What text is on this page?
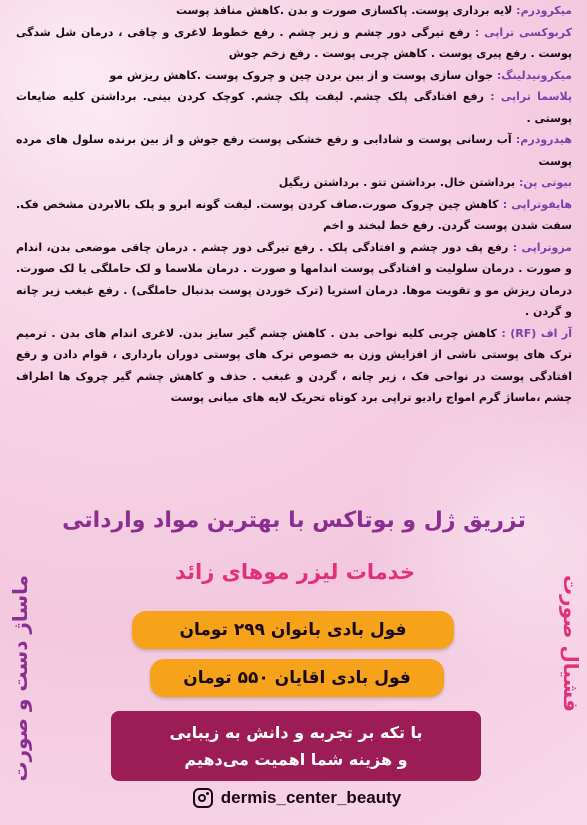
میکرودرم: لایه برداری پوست. پاکسازی صورت و بدن .کاهش منافذ پوست

کربوکسی تراپی : رفع تیرگی دور چشم و زیر چشم . رفع خطوط لاغری و چاقی ، درمان شل شدگی پوست . رفع پیری پوست . کاهش چربی پوست . رفع زخم جوش

میکرونیدلینگ: جوان سازی پوست و از بین بردن چین و چروک پوست .کاهش ریزش مو

پلاسما تراپی : رفع افتادگی پلک چشم. لیفت پلک چشم. کوچک کردن بینی. برداشتن کلیه ضایعات پوستی .

هیدرودرم: آب رسانی پوست و شادابی و رفع خشکی پوست رفع جوش و از بین برنده سلول های مرده پوست

بیوتی پن: برداشتن خال. برداشتن تتو . برداشتن زیگیل

هایفوتراپی : کاهش چین چروک صورت.صاف کردن پوست. لیفت گونه ابرو و پلک بالابردن مشخص فک. سفت شدن پوست گردن. رفع خط لبخند و اخم

مزوتراپی : رفع پف دور چشم و افتادگی پلک . رفع تیرگی دور چشم . درمان چاقی موضعی بدن، اندام و صورت . درمان سلولیت و افتادگی پوست اندامها و صورت . درمان ملاسما و لک حاملگی یا لک صورت. درمان ریزش مو و تقویت موها. درمان استریا (ترک خوردن پوست بدنبال حاملگی) . رفع غبغب زیر چانه و گردن .

آر اف (RF) : کاهش چربی کلیه نواحی بدن . کاهش چشم گیر سایز بدن. لاغری اندام های بدن . ترمیم ترک های پوستی ناشی از افزایش وزن به خصوص ترک های پوستی دوران بارداری ، قوام دادن و رفع افتادگی پوست در نواحی فک ، زیر چانه ، گردن و غبغب . حذف و کاهش چشم گیر چروک ها اطراف چشم ،ماساژ گرم امواج رادیو تراپی برد کوتاه تحریک لایه های میانی پوست

تزریق ژل و بوتاکس با بهترین مواد وارداتی
خدمات لیزر موهای زائد
فول بادی بانوان ۲۹۹ تومان
فول بادی اقایان ۵۵۰ تومان
با تکه بر تجربه و دانش به زیبایی
و هزینه شما اهمیت می‌دهیم
dermis_center_beauty
ماساژ دست و صورت	فشیال صورت
